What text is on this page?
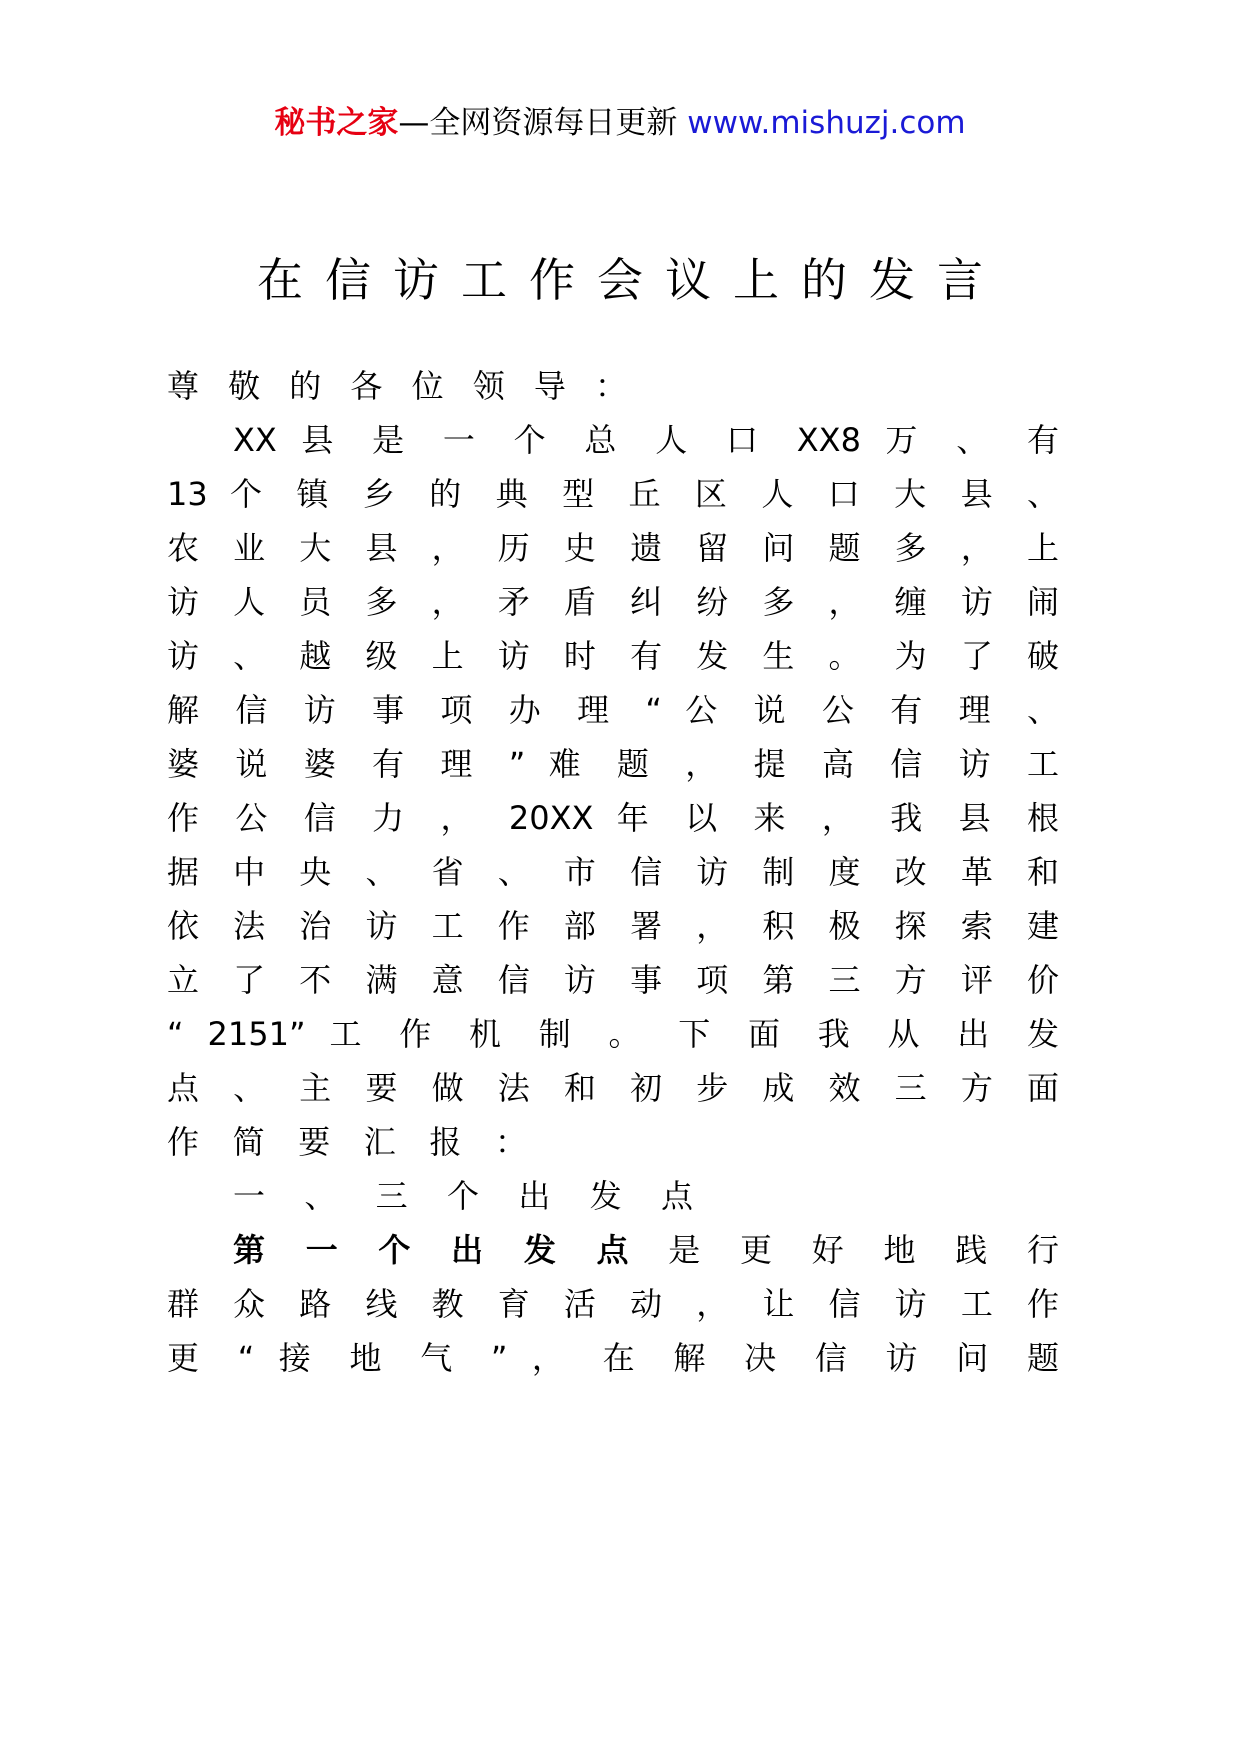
秘书之家—全网资源每日更新 www.mishuzj.com
在信访工作会议上的发言
尊 敬 的 各 位 领 导 ：
XX 县 是 一 个 总 人 口 XX8 万 、 有
13 个 镇 乡 的 典 型 丘 区 人 口 大 县 、
农 业 大 县 ， 历 史 遗 留 问 题 多 ， 上
访 人 员 多 ， 矛 盾 纠 纷 多 ， 缠 访 闹
访 、 越 级 上 访 时 有 发 生 。 为 了 破
解 信 访 事 项 办 理 “ 公 说 公 有 理 、
婆 说 婆 有 理 ” 难 题 ， 提 高 信 访 工
作 公 信 力 ， 20XX 年 以 来 ， 我 县 根
据 中 央 、 省 、 市 信 访 制 度 改 革 和
依 法 治 访 工 作 部 署 ， 积 极 探 索 建
立 了 不 满 意 信 访 事 项 第 三 方 评 价
“ 2151” 工 作 机 制 。 下 面 我 从 出 发
点 、 主 要 做 法 和 初 步 成 效 三 方 面
作 简 要 汇 报 ：
一 、 三 个 出 发 点
第 一 个 出 发 点 是 更 好 地 践 行
群 众 路 线 教 育 活 动 ， 让 信 访 工 作
更 “ 接 地 气 ” ， 在 解 决 信 访 问 题
